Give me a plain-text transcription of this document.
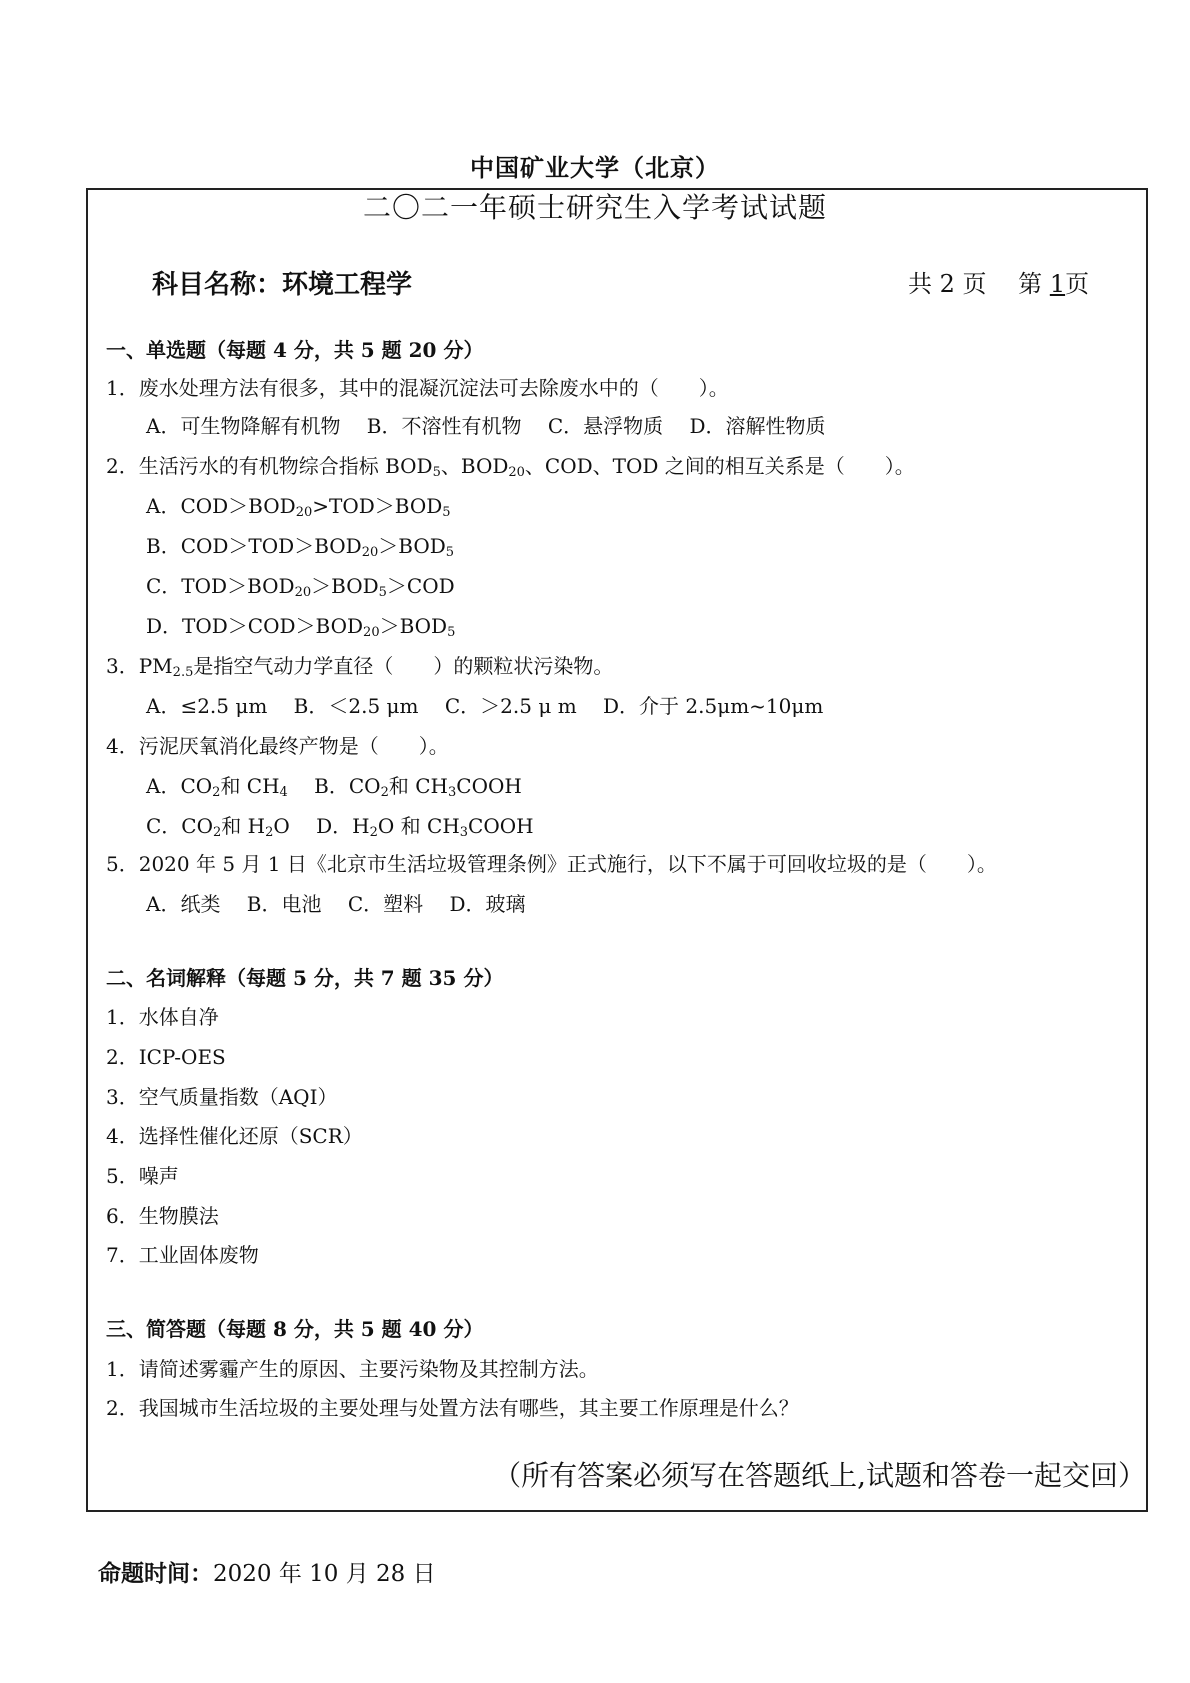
中国矿业大学（北京）
二〇二一年硕士研究生入学考试试题
科目名称：环境工程学	共 2 页　 第 1页
一、单选题（每题 4 分，共 5 题 20 分）
1．废水处理方法有很多，其中的混凝沉淀法可去除废水中的（　　）。
A．可生物降解有机物　 B．不溶性有机物　 C．悬浮物质　 D．溶解性物质
2．生活污水的有机物综合指标 $BOD_5$、$BOD_{20}$、COD、TOD 之间的相互关系是（　　）。
A．$COD>BOD_{20}>TOD>BOD_5$
B．$COD>TOD>BOD_{20}>BOD_5$
C．$TOD>BOD_{20}>BOD_5>COD$
D．$TOD>COD>BOD_{20}>BOD_5$
3．$PM_{2.5}$是指空气动力学直径（　　）的颗粒状污染物。
A．≤2.5 μm　 B．＜2.5 μm　 C．＞2.5 μ m　 D．介于 2.5μm~10μm
4．污泥厌氧消化最终产物是（　　）。
A．$CO_2$和 $CH_4$　 B．$CO_2$和 $CH_3COOH$
C．$CO_2$和 $H_2O$　 D．$H_2O$ 和 $CH_3COOH$
5．2020 年 5 月 1 日《北京市生活垃圾管理条例》正式施行，以下不属于可回收垃圾的是（　　）。
A．纸类　 B．电池　 C．塑料　 D．玻璃
二、名词解释（每题 5 分，共 7 题 35 分）
1．水体自净
2．ICP-OES
3．空气质量指数（AQI）
4．选择性催化还原（SCR）
5．噪声
6．生物膜法
7．工业固体废物
三、简答题（每题 8 分，共 5 题 40 分）
1．请简述雾霾产生的原因、主要污染物及其控制方法。
2．我国城市生活垃圾的主要处理与处置方法有哪些，其主要工作原理是什么？
（所有答案必须写在答题纸上,试题和答卷一起交回）
命题时间：2020 年 10 月 28 日
